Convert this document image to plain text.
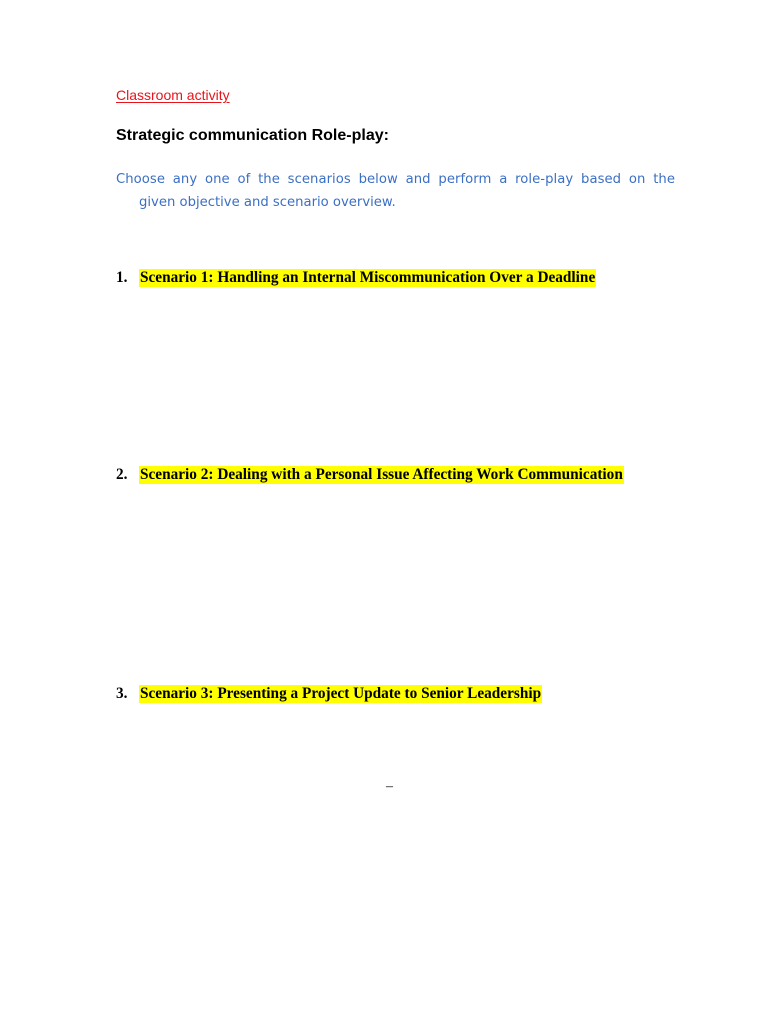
Classroom activity
Strategic communication Role-play:
Choose any one of the scenarios below and perform a role-play based on the
given objective and scenario overview.
1. Scenario 1: Handling an Internal Miscommunication Over a Deadline
2. Scenario 2: Dealing with a Personal Issue Affecting Work Communication
3. Scenario 3: Presenting a Project Update to Senior Leadership
–
